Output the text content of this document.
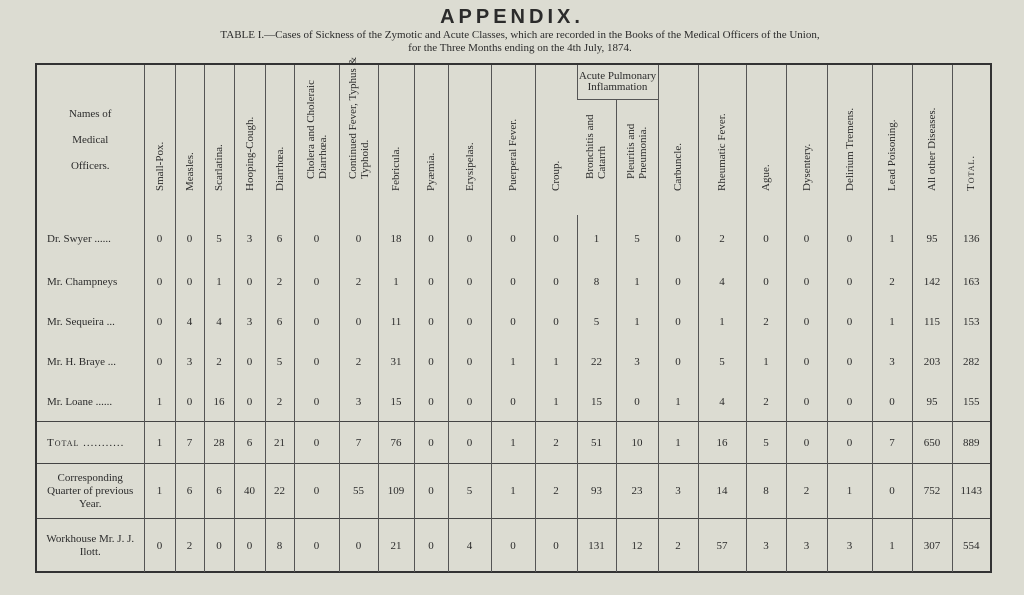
APPENDIX.
TABLE I.—Cases of Sickness of the Zymotic and Acute Classes, which are recorded in the Books of the Medical Officers of the Union,
for the Three Months ending on the 4th July, 1874.
Names of Medical Officers.	Small-Pox.	Measles.	Scarlatina.	Hooping-Cough.	Diarrhœa.	Cholera and Choleraic Diarrhœa.	Continued Fever, Typhus & Typhoid.	Febricula.	Pyæmia.	Erysipelas.	Puerperal Fever.	Croup.	Acute Pulmonary Inflammation		Carbuncle.	Rheumatic Fever.	Ague.	Dysentery.	Delirium Tremens.	Lead Poisoning.	All other Diseases.	Total.

													Bronchitis and Catarrh	Pleuritis and Pneumonia.								

Dr. Swyer ......	0	0	5	3	6	0	0	18	0	0	0	0	1	5	0	2	0	0	0	1	95	136

Mr. Champneys	0	0	1	0	2	0	2	1	0	0	0	0	8	1	0	4	0	0	0	2	142	163

Mr. Sequeira ...	0	4	4	3	6	0	0	11	0	0	0	0	5	1	0	1	2	0	0	1	115	153

Mr. H. Braye ...	0	3	2	0	5	0	2	31	0	0	1	1	22	3	0	5	1	0	0	3	203	282

Mr. Loane ......	1	0	16	0	2	0	3	15	0	0	0	1	15	0	1	4	2	0	0	0	95	155

Total ...........	1	7	28	6	21	0	7	76	0	0	1	2	51	10	1	16	5	0	0	7	650	889

Corresponding Quarter of previous Year.	1	6	6	40	22	0	55	109	0	5	1	2	93	23	3	14	8	2	1	0	752	1143

Workhouse Mr. J. J. Ilott.	0	2	0	0	8	0	0	21	0	4	0	0	131	12	2	57	3	3	3	1	307	554
